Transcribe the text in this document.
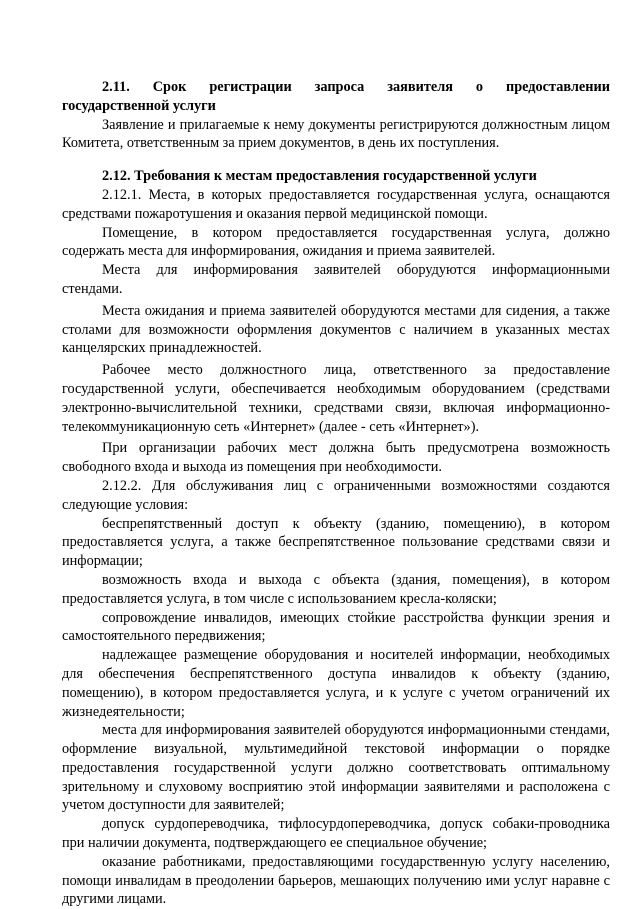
2.11. Срок регистрации запроса заявителя о предоставлении

государственной услуги

Заявление и прилагаемые к нему документы регистрируются должностным лицом Комитета, ответственным за прием документов, в день их поступления.

2.12. Требования к местам предоставления государственной услуги

2.12.1. Места, в которых предоставляется государственная услуга, оснащаются средствами пожаротушения и оказания первой медицинской помощи.

Помещение, в котором предоставляется государственная услуга, должно содержать места для информирования, ожидания и приема заявителей.

Места для информирования заявителей оборудуются информационными стендами.

Места ожидания и приема заявителей оборудуются местами для сидения, а также столами для возможности оформления документов с наличием в указанных местах канцелярских принадлежностей.

Рабочее место должностного лица, ответственного за предоставление государственной услуги, обеспечивается необходимым оборудованием (средствами электронно-вычислительной техники, средствами связи, включая информационно-телекоммуникационную сеть «Интернет» (далее - сеть «Интернет»).

При организации рабочих мест должна быть предусмотрена возможность свободного входа и выхода из помещения при необходимости.

2.12.2. Для обслуживания лиц с ограниченными возможностями создаются следующие условия:

беспрепятственный доступ к объекту (зданию, помещению), в котором предоставляется услуга, а также беспрепятственное пользование средствами связи и информации;

возможность входа и выхода с объекта (здания, помещения), в котором предоставляется услуга, в том числе с использованием кресла-коляски;

сопровождение инвалидов, имеющих стойкие расстройства функции зрения и самостоятельного передвижения;

надлежащее размещение оборудования и носителей информации, необходимых для обеспечения беспрепятственного доступа инвалидов к объекту (зданию, помещению), в котором предоставляется услуга, и к услуге с учетом ограничений их жизнедеятельности;

места для информирования заявителей оборудуются информационными стендами, оформление визуальной, мультимедийной текстовой информации о порядке предоставления государственной услуги должно соответствовать оптимальному зрительному и слуховому восприятию этой информации заявителями и расположена с учетом доступности для заявителей;

допуск сурдопереводчика, тифлосурдопереводчика, допуск собаки-проводника при наличии документа, подтверждающего ее специальное обучение;

оказание работниками, предоставляющими государственную услугу населению, помощи инвалидам в преодолении барьеров, мешающих получению ими услуг наравне с другими лицами.
